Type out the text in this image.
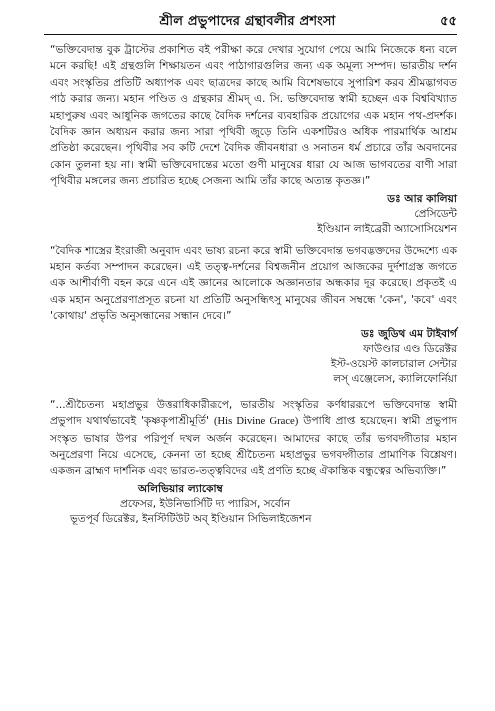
শ্রীল প্রভুপাদের গ্রন্থাবলীর প্রশংসা	৫৫

“ভক্তিবেদান্ত বুক ট্রাস্টের প্রকাশিত বই পরীক্ষা করে দেখার সুযোগ পেয়ে আমি নিজেকে ধন্য বলে মনে করছি! এই গ্রন্থগুলি শিক্ষায়তন এবং পাঠাগারগুলির জন্য এক অমূল্য সম্পদ। ভারতীয় দর্শন এবং সংস্কৃতির প্রতিটি অধ্যাপক এবং ছাত্রদের কাছে আমি বিশেষভাবে সুপারিশ করব শ্রীমদ্ভাগবত পাঠ করার জন্য। মহান পণ্ডিত ও গ্রন্থকার শ্রীমদ্ এ. সি. ভক্তিবেদান্ত স্বামী হচ্ছেন এক বিশ্ববিখ্যাত মহাপুরুষ এবং আধুনিক জগতের কাছে বৈদিক দর্শনের ব্যবহারিক প্রয়োগের এক মহান পথ-প্রদর্শক। বৈদিক জ্ঞান অধ্যয়ন করার জন্য সারা পৃথিবী জুড়ে তিনি একশটিরও অধিক পারমার্থিক আশ্রম প্রতিষ্ঠা করেছেন। পৃথিবীর সব কটি দেশে বৈদিক জীবনধারা ও সনাতন ধর্ম প্রচারে তাঁর অবদানের কোন তুলনা হয় না। স্বামী ভক্তিবেদান্তের মতো গুণী মানুষের ধারা যে আজ ভাগবতের বাণী সারা পৃথিবীর মঙ্গলের জন্য প্রচারিত হচ্ছে সেজন্য আমি তাঁর কাছে অত্যন্ত কৃতজ্ঞ।”

ডঃ আর কালিয়া
প্রেসিডেন্ট
ইণ্ডিয়ান লাইব্রেরী অ্যাসোসিয়েশন

“বৈদিক শাস্ত্রের ইংরাজী অনুবাদ এবং ভাষ্য রচনা করে স্বামী ভক্তিবেদান্ত ভগবদ্ভক্তদের উদ্দেশ্যে এক মহান কর্তব্য সম্পাদন করেছেন। এই তত্ত্ব-দর্শনের বিশ্বজনীন প্রয়োগ আজকের দুর্দশাগ্রস্ত জগতে এক আশীর্বাণী বহন করে এনে এই জ্ঞানের আলোকে অজ্ঞানতার অন্ধকার দূর করেছে। প্রকৃতই এ এক মহান অনুপ্রেরণাপ্রসূত রচনা যা প্রতিটি অনুসন্ধিৎসু মানুষের জীবন সম্বন্ধে 'কেন', 'কবে' এবং 'কোথায়' প্রভৃতি অনুসন্ধানের সন্ধান দেবে।”

ডঃ জুডিথ এম টাইবার্গ
ফাউণ্ডার এণ্ড ডিরেক্টর
ইস্ট-ওয়েস্ট কালচারাল সেন্টার
লস্ এঞ্জেলেস, ক্যালিফোর্নিয়া

“...শ্রীচৈতন্য মহাপ্রভুর উত্তরাধিকারীরূপে, ভারতীয় সংস্কৃতির কর্ণধাররূপে ভক্তিবেদান্ত স্বামী প্রভুপাদ যথার্থভাবেই 'কৃষ্ণকৃপাশ্রীমূর্তি' (His Divine Grace) উপাধি প্রাপ্ত হয়েছেন। স্বামী প্রভুপাদ সংস্কৃত ভাষার উপর পরিপূর্ণ দখল অর্জন করেছেন। আমাদের কাছে তাঁর ভগবদ্গীতার মহান অনুপ্রেরণা নিয়ে এসেছে, কেননা তা হচ্ছে শ্রীচৈতন্য মহাপ্রভুর ভগবদ্গীতার প্রামাণিক বিশ্লেষণ। একজন ব্রাহ্মণ দার্শনিক এবং ভারত-তত্ত্ববিদের এই প্রণতি হচ্ছে ঐকান্তিক বন্ধুত্বের অভিব্যক্তি।”

অলিভিয়ার ল্যাকোম্ব
প্রফেসর, ইউনিভার্সিটি দ্য প্যারিস, সর্বোন
ভূতপূর্ব ডিরেক্টর, ইনস্টিটিউট অব্ ইণ্ডিয়ান সিভিলাইজেশন
